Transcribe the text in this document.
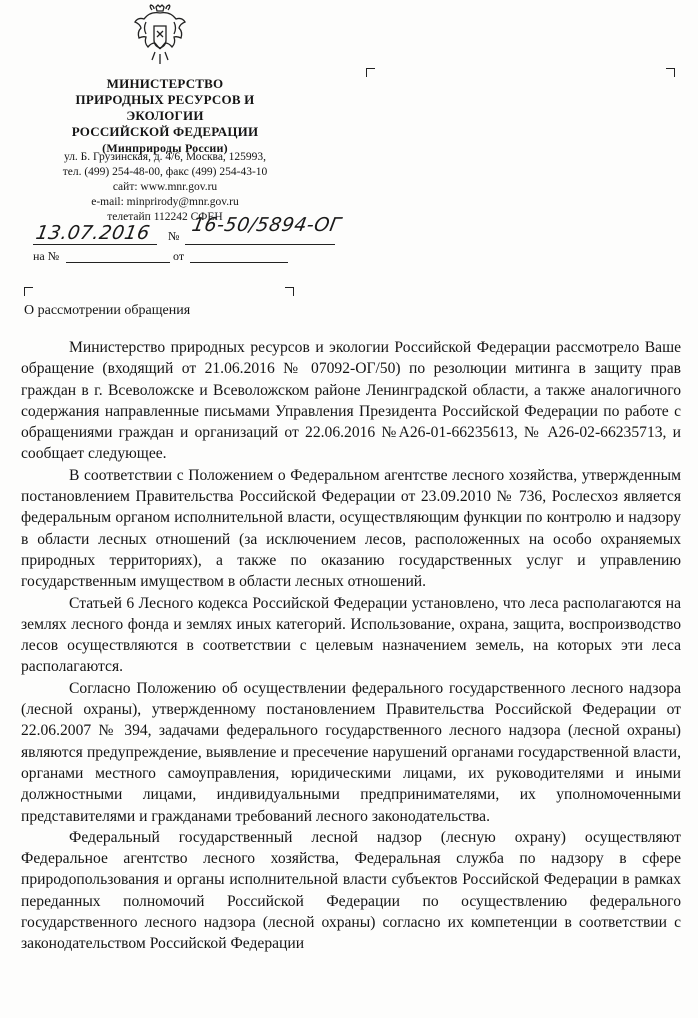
МИНИСТЕРСТВО
ПРИРОДНЫХ РЕСУРСОВ И ЭКОЛОГИИ
РОССИЙСКОЙ ФЕДЕРАЦИИ
(Минприроды России)
ул. Б. Грузинская, д. 4/6, Москва, 125993,
тел. (499) 254-48-00, факс (499) 254-43-10
сайт: www.mnr.gov.ru
e-mail: minprirody@mnr.gov.ru
телетайп 112242 СФЕН
13.07.2016 № 16-50/5894-ОГ
на №	от
О рассмотрении обращения

Министерство природных ресурсов и экологии Российской Федерации рассмотрело Ваше обращение (входящий от 21.06.2016 № 07092-ОГ/50) по резолюции митинга в защиту прав граждан в г. Всеволожске и Всеволожском районе Ленинградской области, а также аналогичного содержания направленные письмами Управления Президента Российской Федерации по работе с обращениями граждан и организаций от 22.06.2016 №А26-01-66235613, № А26-02-66235713, и сообщает следующее.

В соответствии с Положением о Федеральном агентстве лесного хозяйства, утвержденным постановлением Правительства Российской Федерации от 23.09.2010 № 736, Рослесхоз является федеральным органом исполнительной власти, осуществляющим функции по контролю и надзору в области лесных отношений (за исключением лесов, расположенных на особо охраняемых природных территориях), а также по оказанию государственных услуг и управлению государственным имуществом в области лесных отношений.

Статьей 6 Лесного кодекса Российской Федерации установлено, что леса располагаются на землях лесного фонда и землях иных категорий. Использование, охрана, защита, воспроизводство лесов осуществляются в соответствии с целевым назначением земель, на которых эти леса располагаются.

Согласно Положению об осуществлении федерального государственного лесного надзора (лесной охраны), утвержденному постановлением Правительства Российской Федерации от 22.06.2007 № 394, задачами федерального государственного лесного надзора (лесной охраны) являются предупреждение, выявление и пресечение нарушений органами государственной власти, органами местного самоуправления, юридическими лицами, их руководителями и иными должностными лицами, индивидуальными предпринимателями, их уполномоченными представителями и гражданами требований лесного законодательства.

Федеральный государственный лесной надзор (лесную охрану) осуществляют Федеральное агентство лесного хозяйства, Федеральная служба по надзору в сфере природопользования и органы исполнительной власти субъектов Российской Федерации в рамках переданных полномочий Российской Федерации по осуществлению федерального государственного лесного надзора (лесной охраны) согласно их компетенции в соответствии с законодательством Российской Федерации
